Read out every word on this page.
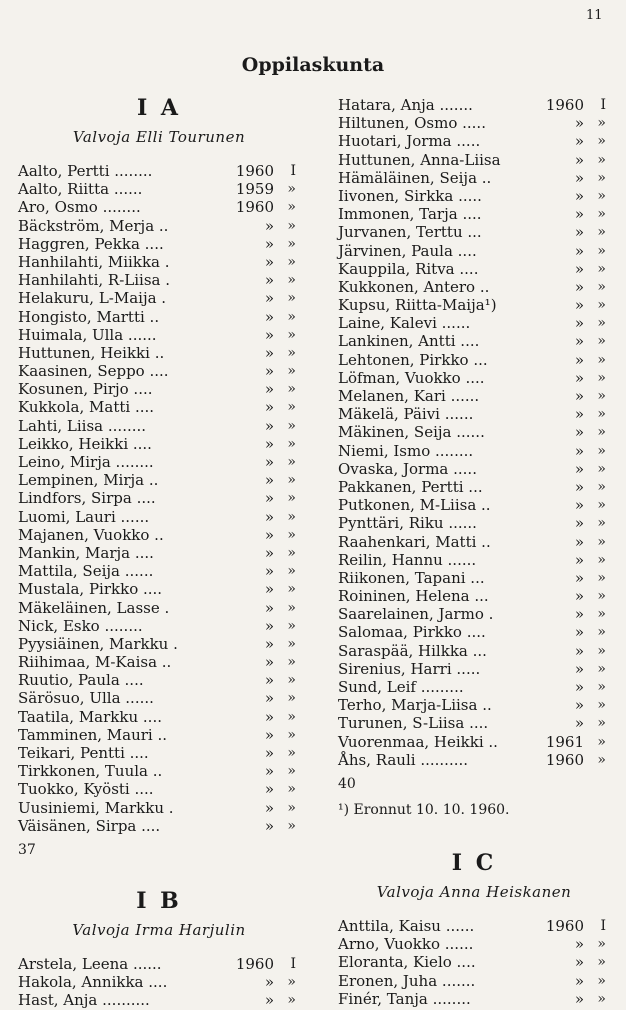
11
Oppilaskunta
I A
Valvoja Elli Tourunen
Aalto, Pertti ........	1960 I
Aalto, Riitta ......	1959 »
Aro, Osmo ........	1960 »
Bäckström, Merja ..	» »
Haggren, Pekka ....	» »
Hanhilahti, Miikka .	» »
Hanhilahti, R-Liisa .	» »
Helakuru, L-Maija .	» »
Hongisto, Martti ..	» »
Huimala, Ulla ......	» »
Huttunen, Heikki ..	» »
Kaasinen, Seppo ....	» »
Kosunen, Pirjo ....	» »
Kukkola, Matti ....	» »
Lahti, Liisa ........	» »
Leikko, Heikki ....	» »
Leino, Mirja ........	» »
Lempinen, Mirja ..	» »
Lindfors, Sirpa ....	» »
Luomi, Lauri ......	» »
Majanen, Vuokko ..	» »
Mankin, Marja ....	» »
Mattila, Seija ......	» »
Mustala, Pirkko ....	» »
Mäkeläinen, Lasse .	» »
Nick, Esko ........	» »
Pyysiäinen, Markku .	» »
Riihimaa, M-Kaisa ..	» »
Ruutio, Paula ....	» »
Särösuo, Ulla ......	» »
Taatila, Markku ....	» »
Tamminen, Mauri ..	» »
Teikari, Pentti ....	» »
Tirkkonen, Tuula ..	» »
Tuokko, Kyösti ....	» »
Uusiniemi, Markku .	» »
Väisänen, Sirpa ....	» »
37
I B
Valvoja Irma Harjulin
Arstela, Leena ......	1960 I
Hakola, Annikka ....	» »
Hast, Anja ..........	» »
Hatara, Anja .......	1960 I
Hiltunen, Osmo .....	» »
Huotari, Jorma .....	» »
Huttunen, Anna-Liisa	» »
Hämäläinen, Seija ..	» »
Iivonen, Sirkka .....	» »
Immonen, Tarja ....	» »
Jurvanen, Terttu ...	» »
Järvinen, Paula ....	» »
Kauppila, Ritva ....	» »
Kukkonen, Antero ..	» »
Kupsu, Riitta-Maija¹)	» »
Laine, Kalevi ......	» »
Lankinen, Antti ....	» »
Lehtonen, Pirkko ...	» »
Löfman, Vuokko ....	» »
Melanen, Kari ......	» »
Mäkelä, Päivi ......	» »
Mäkinen, Seija ......	» »
Niemi, Ismo ........	» »
Ovaska, Jorma .....	» »
Pakkanen, Pertti ...	» »
Putkonen, M-Liisa ..	» »
Pynttäri, Riku ......	» »
Raahenkari, Matti ..	» »
Reilin, Hannu ......	» »
Riikonen, Tapani ...	» »
Roininen, Helena ...	» »
Saarelainen, Jarmo .	» »
Salomaa, Pirkko ....	» »
Saraspää, Hilkka ...	» »
Sirenius, Harri .....	» »
Sund, Leif .........	» »
Terho, Marja-Liisa ..	» »
Turunen, S-Liisa ....	» »
Vuorenmaa, Heikki ..	1961 »
Åhs, Rauli ..........	1960 »
40
¹) Eronnut 10. 10. 1960.
I C
Valvoja Anna Heiskanen
Anttila, Kaisu ......	1960 I
Arno, Vuokko ......	» »
Eloranta, Kielo ....	» »
Eronen, Juha .......	» »
Finér, Tanja ........	» »
